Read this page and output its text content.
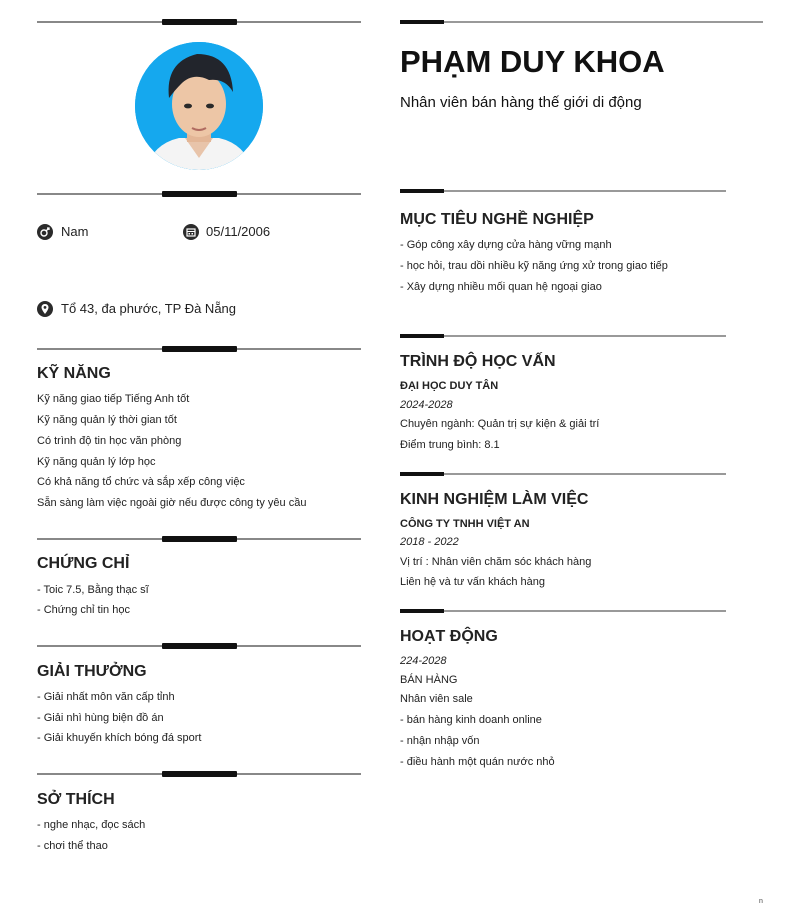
Nam	05/11/2006
Tổ 43, đa phước, TP Đà Nẵng
KỸ NĂNG
Kỹ năng giao tiếp Tiếng Anh tốt
Kỹ năng quản lý thời gian tốt
Có trình độ tin học văn phòng
Kỹ năng quản lý lớp học
Có khả năng tổ chức và sắp xếp công việc
Sẵn sàng làm việc ngoài giờ nếu được công ty yêu cầu
CHỨNG CHỈ
- Toic 7.5, Bằng thạc sĩ
- Chứng chỉ tin học
GIẢI THƯỞNG
- Giải nhất môn văn cấp tỉnh
- Giải nhì hùng biện đồ án
- Giải khuyến khích bóng đá sport
SỞ THÍCH
- nghe nhạc, đọc sách
- chơi thể thao
PHẠM DUY KHOA
Nhân viên bán hàng thế giới di động
MỤC TIÊU NGHỀ NGHIỆP
- Góp công xây dựng cửa hàng vững mạnh
- học hỏi, trau dồi nhiều kỹ năng ứng xử trong giao tiếp
- Xây dựng nhiều mối quan hệ ngoại giao
TRÌNH ĐỘ HỌC VẤN
ĐẠI HỌC DUY TÂN
2024-2028
Chuyên ngành: Quản trị sự kiện & giải trí
Điểm trung bình: 8.1
KINH NGHIỆM LÀM VIỆC
CÔNG TY TNHH VIỆT AN
2018 - 2022
Vị trí : Nhân viên chăm sóc khách hàng
Liên hệ và tư vấn khách hàng
HOẠT ĐỘNG
224-2028
BÁN HÀNG
Nhân viên sale
- bán hàng kinh doanh online
- nhận nhập vốn
- điều hành một quán nước nhỏ
n
